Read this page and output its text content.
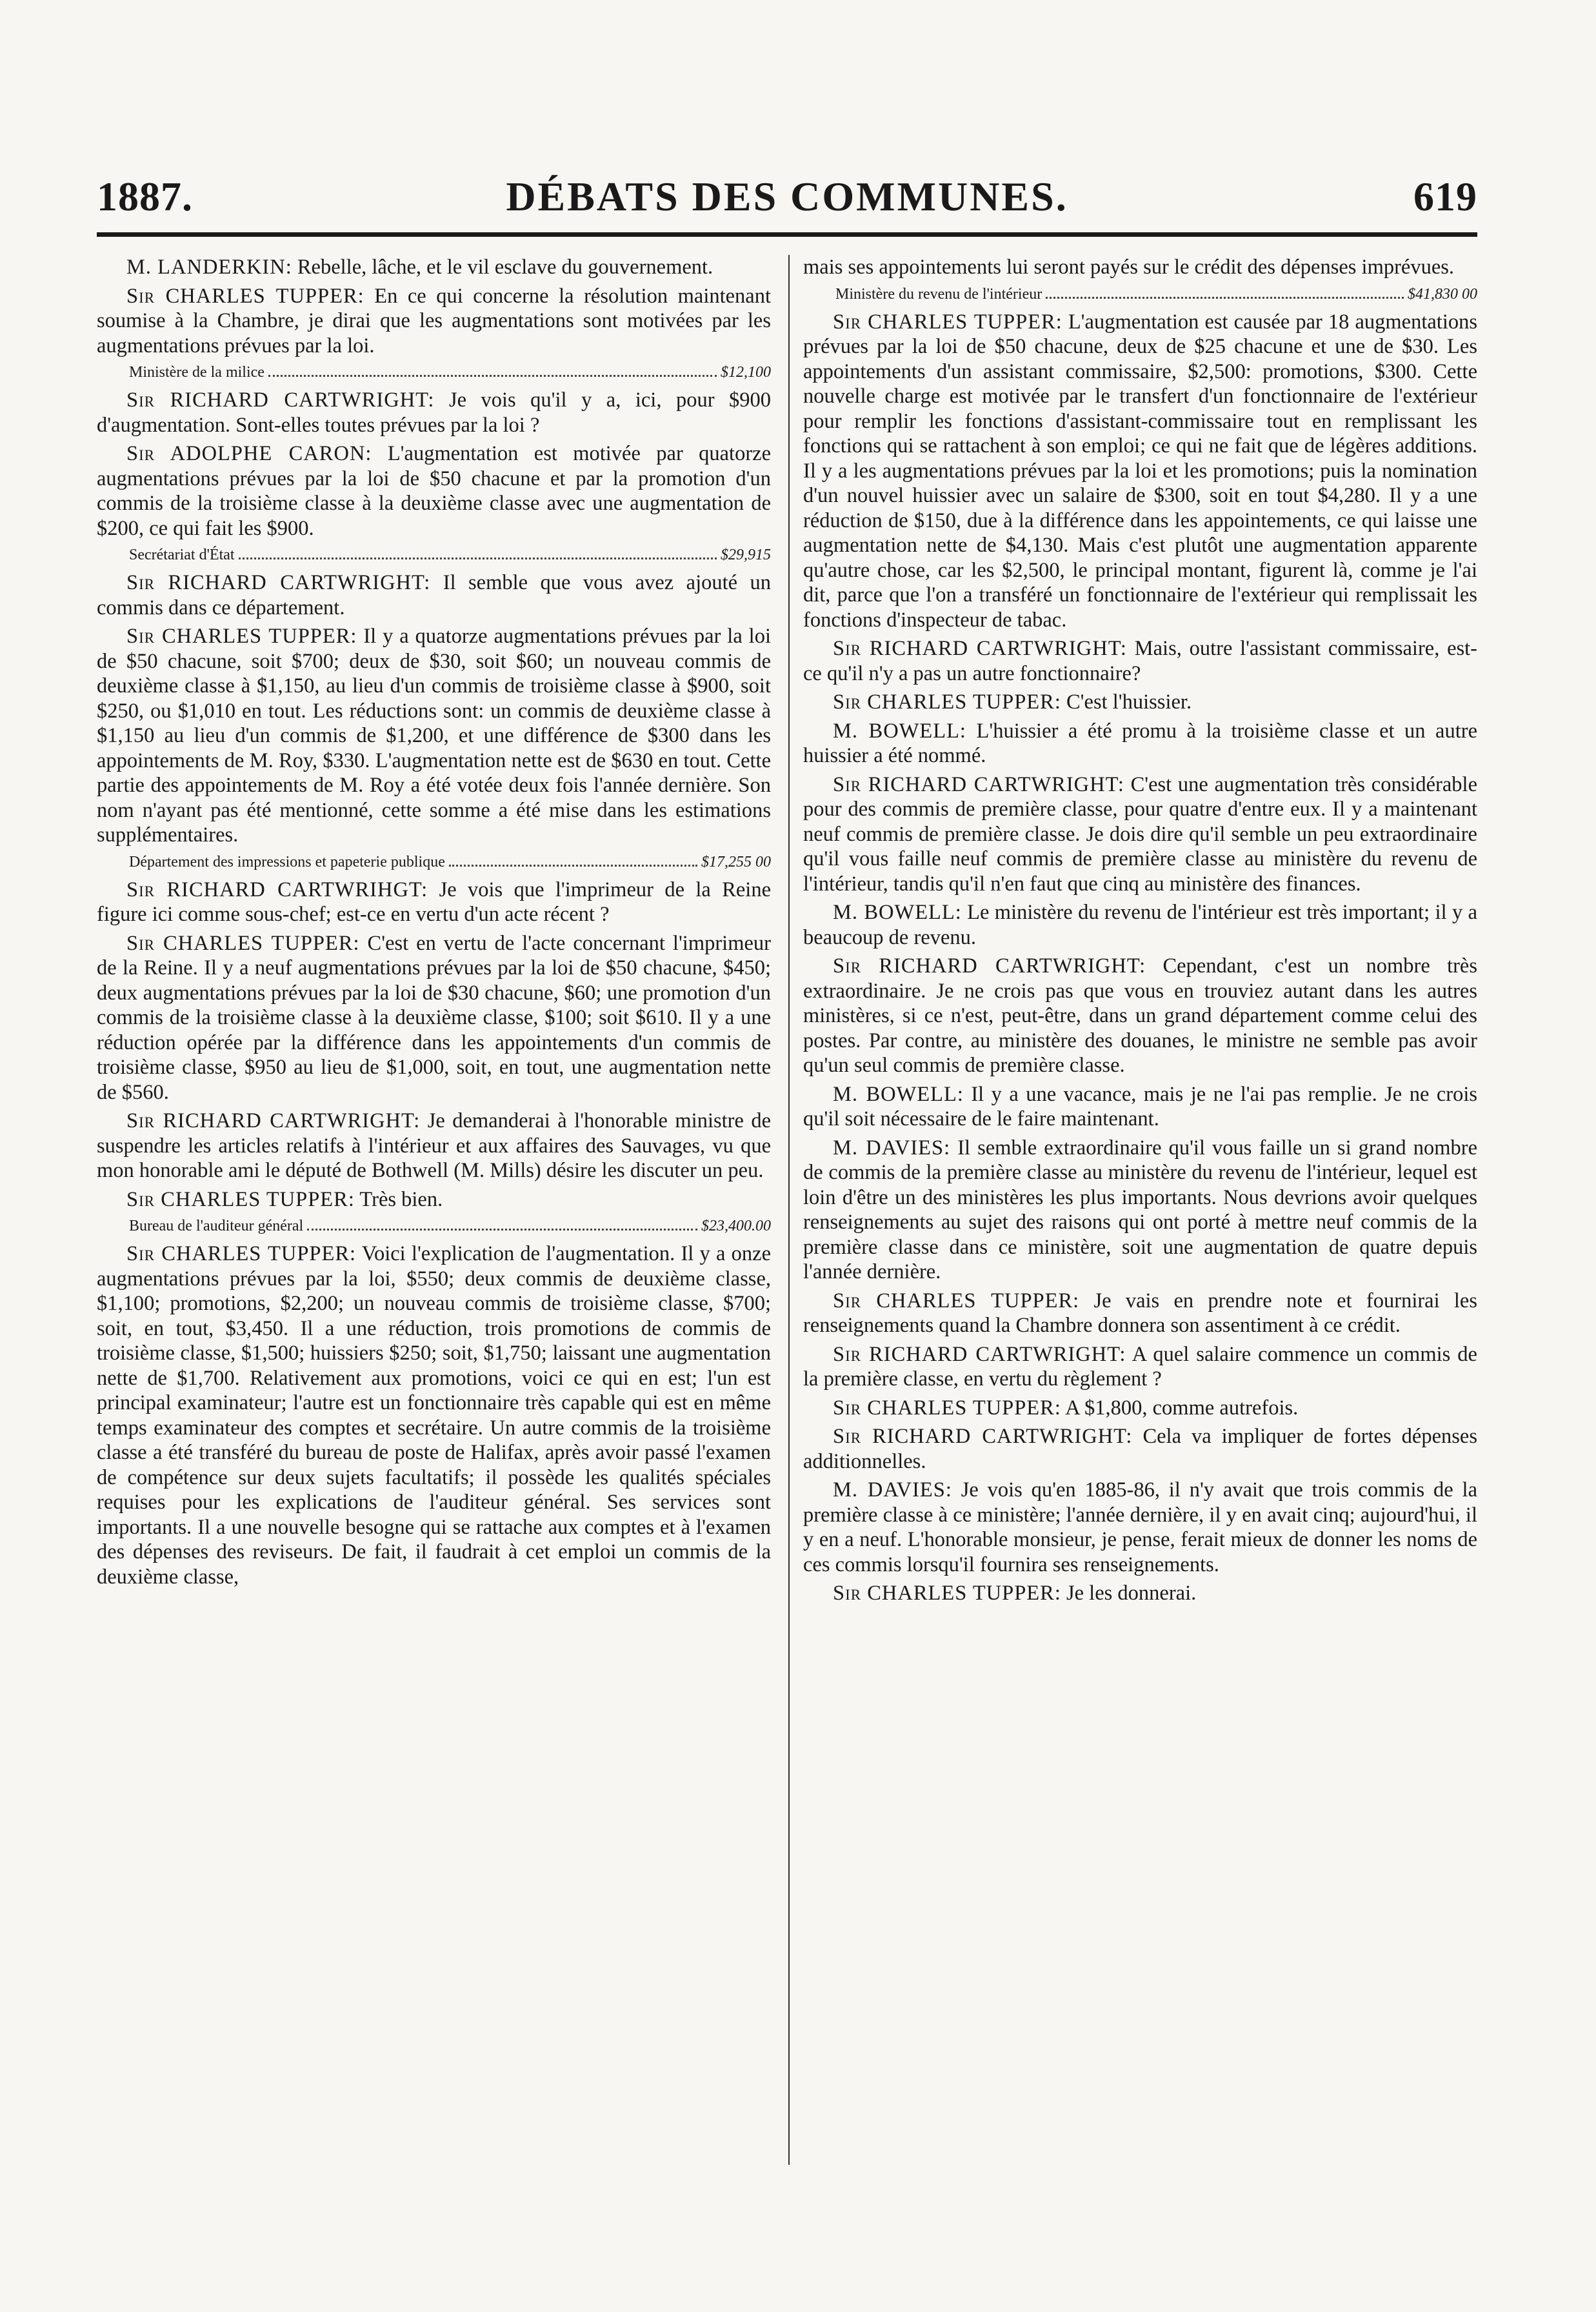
1887.	DÉBATS DES COMMUNES.	619

M. LANDERKIN: Rebelle, lâche, et le vil esclave du gouvernement.

Sir CHARLES TUPPER: En ce qui concerne la résolution maintenant soumise à la Chambre, je dirai que les augmentations sont motivées par les augmentations prévues par la loi.

Ministère de la milice	$12,100

Sir RICHARD CARTWRIGHT: Je vois qu'il y a, ici, pour $900 d'augmentation. Sont-elles toutes prévues par la loi ?

Sir ADOLPHE CARON: L'augmentation est motivée par quatorze augmentations prévues par la loi de $50 chacune et par la promotion d'un commis de la troisième classe à la deuxième classe avec une augmentation de $200, ce qui fait les $900.

Secrétariat d'État	$29,915

Sir RICHARD CARTWRIGHT: Il semble que vous avez ajouté un commis dans ce département.

Sir CHARLES TUPPER: Il y a quatorze augmentations prévues par la loi de $50 chacune, soit $700; deux de $30, soit $60; un nouveau commis de deuxième classe à $1,150, au lieu d'un commis de troisième classe à $900, soit $250, ou $1,010 en tout. Les réductions sont: un commis de deuxième classe à $1,150 au lieu d'un commis de $1,200, et une différence de $300 dans les appointements de M. Roy, $330. L'augmentation nette est de $630 en tout. Cette partie des appointements de M. Roy a été votée deux fois l'année dernière. Son nom n'ayant pas été mentionné, cette somme a été mise dans les estimations supplémentaires.

Département des impressions et papeterie publique	$17,255 00

Sir RICHARD CARTWRIHGT: Je vois que l'imprimeur de la Reine figure ici comme sous-chef; est-ce en vertu d'un acte récent ?

Sir CHARLES TUPPER: C'est en vertu de l'acte concernant l'imprimeur de la Reine. Il y a neuf augmentations prévues par la loi de $50 chacune, $450; deux augmentations prévues par la loi de $30 chacune, $60; une promotion d'un commis de la troisième classe à la deuxième classe, $100; soit $610. Il y a une réduction opérée par la différence dans les appointements d'un commis de troisième classe, $950 au lieu de $1,000, soit, en tout, une augmentation nette de $560.

Sir RICHARD CARTWRIGHT: Je demanderai à l'honorable ministre de suspendre les articles relatifs à l'intérieur et aux affaires des Sauvages, vu que mon honorable ami le député de Bothwell (M. Mills) désire les discuter un peu.

Sir CHARLES TUPPER: Très bien.

Bureau de l'auditeur général	$23,400.00

Sir CHARLES TUPPER: Voici l'explication de l'augmentation. Il y a onze augmentations prévues par la loi, $550; deux commis de deuxième classe, $1,100; promotions, $2,200; un nouveau commis de troisième classe, $700; soit, en tout, $3,450. Il a une réduction, trois promotions de commis de troisième classe, $1,500; huissiers $250; soit, $1,750; laissant une augmentation nette de $1,700. Relativement aux promotions, voici ce qui en est; l'un est principal examinateur; l'autre est un fonctionnaire très capable qui est en même temps examinateur des comptes et secrétaire. Un autre commis de la troisième classe a été transféré du bureau de poste de Halifax, après avoir passé l'examen de compétence sur deux sujets facultatifs; il possède les qualités spéciales requises pour les explications de l'auditeur général. Ses services sont importants. Il a une nouvelle besogne qui se rattache aux comptes et à l'examen des dépenses des reviseurs. De fait, il faudrait à cet emploi un commis de la deuxième classe,

mais ses appointements lui seront payés sur le crédit des dépenses imprévues.

Ministère du revenu de l'intérieur	$41,830 00

Sir CHARLES TUPPER: L'augmentation est causée par 18 augmentations prévues par la loi de $50 chacune, deux de $25 chacune et une de $30. Les appointements d'un assistant commissaire, $2,500: promotions, $300. Cette nouvelle charge est motivée par le transfert d'un fonctionnaire de l'extérieur pour remplir les fonctions d'assistant-commissaire tout en remplissant les fonctions qui se rattachent à son emploi; ce qui ne fait que de légères additions. Il y a les augmentations prévues par la loi et les promotions; puis la nomination d'un nouvel huissier avec un salaire de $300, soit en tout $4,280. Il y a une réduction de $150, due à la différence dans les appointements, ce qui laisse une augmentation nette de $4,130. Mais c'est plutôt une augmentation apparente qu'autre chose, car les $2,500, le principal montant, figurent là, comme je l'ai dit, parce que l'on a transféré un fonctionnaire de l'extérieur qui remplissait les fonctions d'inspecteur de tabac.

Sir RICHARD CARTWRIGHT: Mais, outre l'assistant commissaire, est-ce qu'il n'y a pas un autre fonctionnaire?

Sir CHARLES TUPPER: C'est l'huissier.

M. BOWELL: L'huissier a été promu à la troisième classe et un autre huissier a été nommé.

Sir RICHARD CARTWRIGHT: C'est une augmentation très considérable pour des commis de première classe, pour quatre d'entre eux. Il y a maintenant neuf commis de première classe. Je dois dire qu'il semble un peu extraordinaire qu'il vous faille neuf commis de première classe au ministère du revenu de l'intérieur, tandis qu'il n'en faut que cinq au ministère des finances.

M. BOWELL: Le ministère du revenu de l'intérieur est très important; il y a beaucoup de revenu.

Sir RICHARD CARTWRIGHT: Cependant, c'est un nombre très extraordinaire. Je ne crois pas que vous en trouviez autant dans les autres ministères, si ce n'est, peut-être, dans un grand département comme celui des postes. Par contre, au ministère des douanes, le ministre ne semble pas avoir qu'un seul commis de première classe.

M. BOWELL: Il y a une vacance, mais je ne l'ai pas remplie. Je ne crois qu'il soit nécessaire de le faire maintenant.

M. DAVIES: Il semble extraordinaire qu'il vous faille un si grand nombre de commis de la première classe au ministère du revenu de l'intérieur, lequel est loin d'être un des ministères les plus importants. Nous devrions avoir quelques renseignements au sujet des raisons qui ont porté à mettre neuf commis de la première classe dans ce ministère, soit une augmentation de quatre depuis l'année dernière.

Sir CHARLES TUPPER: Je vais en prendre note et fournirai les renseignements quand la Chambre donnera son assentiment à ce crédit.

Sir RICHARD CARTWRIGHT: A quel salaire commence un commis de la première classe, en vertu du règlement ?

Sir CHARLES TUPPER: A $1,800, comme autrefois.

Sir RICHARD CARTWRIGHT: Cela va impliquer de fortes dépenses additionnelles.

M. DAVIES: Je vois qu'en 1885-86, il n'y avait que trois commis de la première classe à ce ministère; l'année dernière, il y en avait cinq; aujourd'hui, il y en a neuf. L'honorable monsieur, je pense, ferait mieux de donner les noms de ces commis lorsqu'il fournira ses renseignements.

Sir CHARLES TUPPER: Je les donnerai.
